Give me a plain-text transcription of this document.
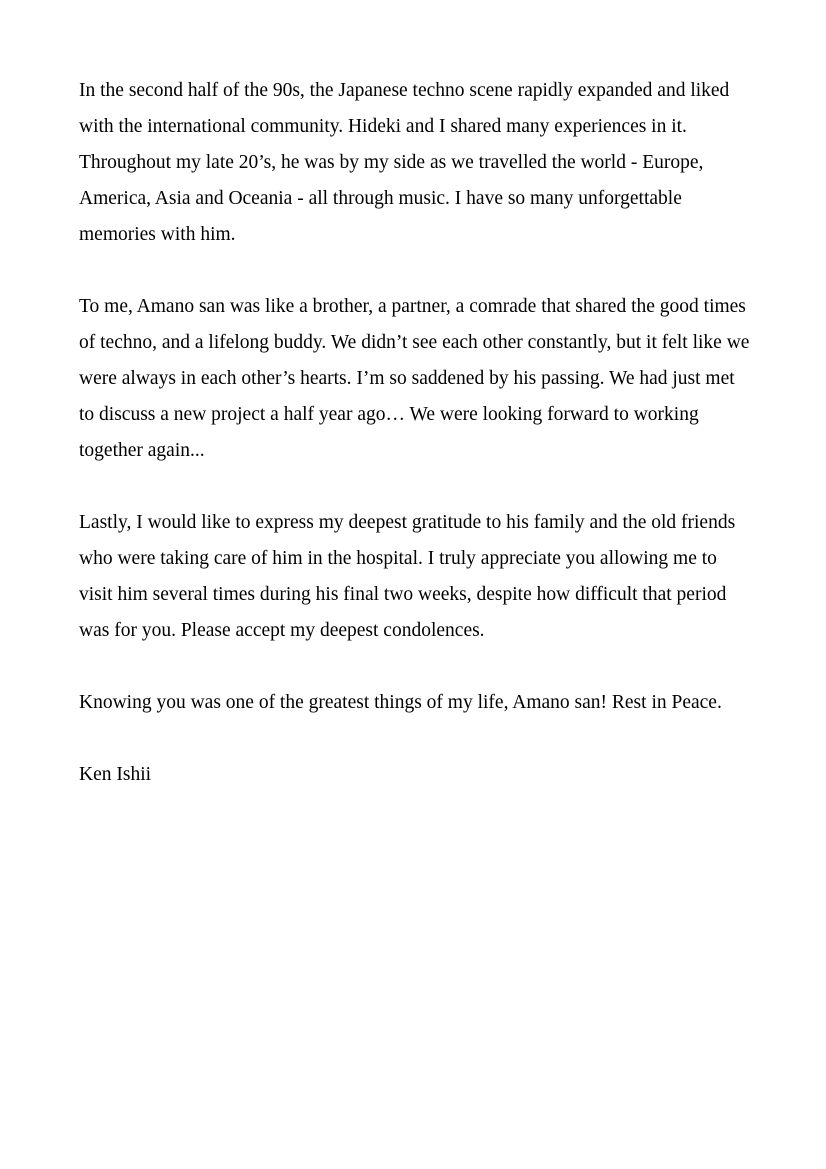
In the second half of the 90s, the Japanese techno scene rapidly expanded and liked with the international community. Hideki and I shared many experiences in it. Throughout my late 20’s, he was by my side as we travelled the world - Europe, America, Asia and Oceania - all through music. I have so many unforgettable memories with him.

To me, Amano san was like a brother, a partner, a comrade that shared the good times of techno, and a lifelong buddy. We didn’t see each other constantly, but it felt like we were always in each other’s hearts. I’m so saddened by his passing. We had just met to discuss a new project a half year ago… We were looking forward to working together again...

Lastly, I would like to express my deepest gratitude to his family and the old friends who were taking care of him in the hospital. I truly appreciate you allowing me to visit him several times during his final two weeks, despite how difficult that period was for you. Please accept my deepest condolences.

Knowing you was one of the greatest things of my life, Amano san! Rest in Peace.

Ken Ishii
